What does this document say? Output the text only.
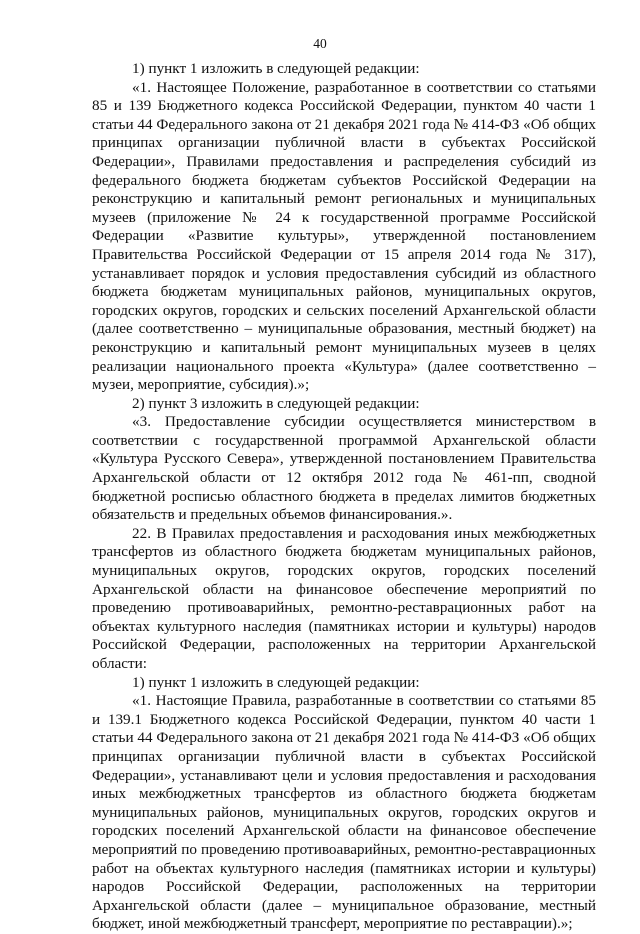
40

1) пункт 1 изложить в следующей редакции:

«1. Настоящее Положение, разработанное в соответствии со статьями 85 и 139 Бюджетного кодекса Российской Федерации, пунктом 40 части 1 статьи 44 Федерального закона от 21 декабря 2021 года № 414-ФЗ «Об общих принципах организации публичной власти в субъектах Российской Федерации», Правилами предоставления и распределения субсидий из федерального бюджета бюджетам субъектов Российской Федерации на реконструкцию и капитальный ремонт региональных и муниципальных музеев (приложение № 24 к государственной программе Российской Федерации «Развитие культуры», утвержденной постановлением Правительства Российской Федерации от 15 апреля 2014 года № 317), устанавливает порядок и условия предоставления субсидий из областного бюджета бюджетам муниципальных районов, муниципальных округов, городских округов, городских и сельских поселений Архангельской области (далее соответственно – муниципальные образования, местный бюджет) на реконструкцию и капитальный ремонт муниципальных музеев в целях реализации национального проекта «Культура» (далее соответственно – музеи, мероприятие, субсидия).»;

2) пункт 3 изложить в следующей редакции:

«3. Предоставление субсидии осуществляется министерством в соответствии с государственной программой Архангельской области «Культура Русского Севера», утвержденной постановлением Правительства Архангельской области от 12 октября 2012 года № 461-пп, сводной бюджетной росписью областного бюджета в пределах лимитов бюджетных обязательств и предельных объемов финансирования.».

22. В Правилах предоставления и расходования иных межбюджетных трансфертов из областного бюджета бюджетам муниципальных районов, муниципальных округов, городских округов, городских поселений Архангельской области на финансовое обеспечение мероприятий по проведению противоаварийных, ремонтно-реставрационных работ на объектах культурного наследия (памятниках истории и культуры) народов Российской Федерации, расположенных на территории Архангельской области:

1) пункт 1 изложить в следующей редакции:

«1. Настоящие Правила, разработанные в соответствии со статьями 85 и 139.1 Бюджетного кодекса Российской Федерации, пунктом 40 части 1 статьи 44 Федерального закона от 21 декабря 2021 года № 414-ФЗ «Об общих принципах организации публичной власти в субъектах Российской Федерации», устанавливают цели и условия предоставления и расходования иных межбюджетных трансфертов из областного бюджета бюджетам муниципальных районов, муниципальных округов, городских округов и городских поселений Архангельской области на финансовое обеспечение мероприятий по проведению противоаварийных, ремонтно-реставрационных работ на объектах культурного наследия (памятниках истории и культуры) народов Российской Федерации, расположенных на территории Архангельской области (далее – муниципальное образование, местный бюджет, иной межбюджетный трансферт, мероприятие по реставрации).»;
